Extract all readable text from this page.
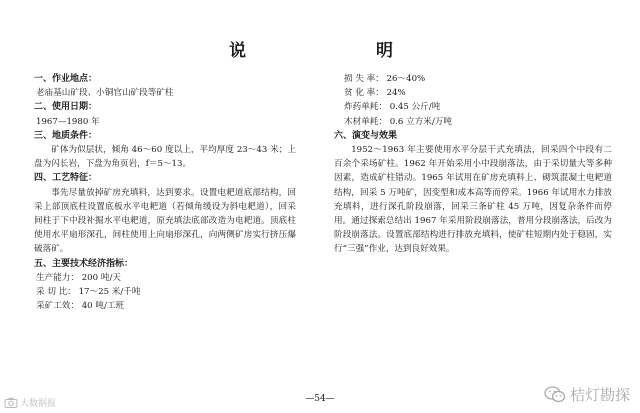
说 明
一、作业地点：
老庙基山矿段、小铜官山矿段等矿柱
二、使用日期：
1967—1980 年
三、地质条件：
矿体为似层状，倾角 46～60 度以上，平均厚度 23～43 米；上盘为闪长岩，下盘为角页岩，f＝5～13。
四、工艺特征：
事先尽量放掉矿房充填料，达到要求。设置电耙道底部结构，回采上部顶底柱设置底板水平电耙道（若倾角缓设为斜电耙道），回采间柱于下中段补掘水平电耙道，原充填法底部改造为电耙道。顶底柱使用水平扇形深孔，间柱使用上向扇形深孔，向两侧矿房实行挤压爆破落矿。
五、主要技术经济指标：
生产能力： 200 吨/天
采 切 比： 17～25 米/千吨
采矿工效： 40 吨/工班
损 失 率： 26～40%
贫 化 率： 24%
炸药单耗： 0.45 公斤/吨
木材单耗： 0.6 立方米/万吨
六、演变与效果
1952～1963 年主要使用水平分层干式充填法，回采四个中段有二百余个采场矿柱。1962 年开始采用小中段崩落法，由于采切量大等多种因素，造成矿柱错动。1965 年试用在矿房充填料上、砌筑混凝土电耙道结构，回采 5 万吨矿，因变型和成本高等而停采。1966 年试用水力排放充填料，进行深孔阶段崩落，回采三条矿柱 45 万吨，因复杂条件而停用。通过探索总结出 1967 年采用阶段崩落法，普用分段崩落法，后改为阶段崩落法。设置底部结构进行排放充填料，使矿柱短期内处于稳固，实行“三强”作业，达到良好效果。
—54—
大数据报	桔灯勘探
